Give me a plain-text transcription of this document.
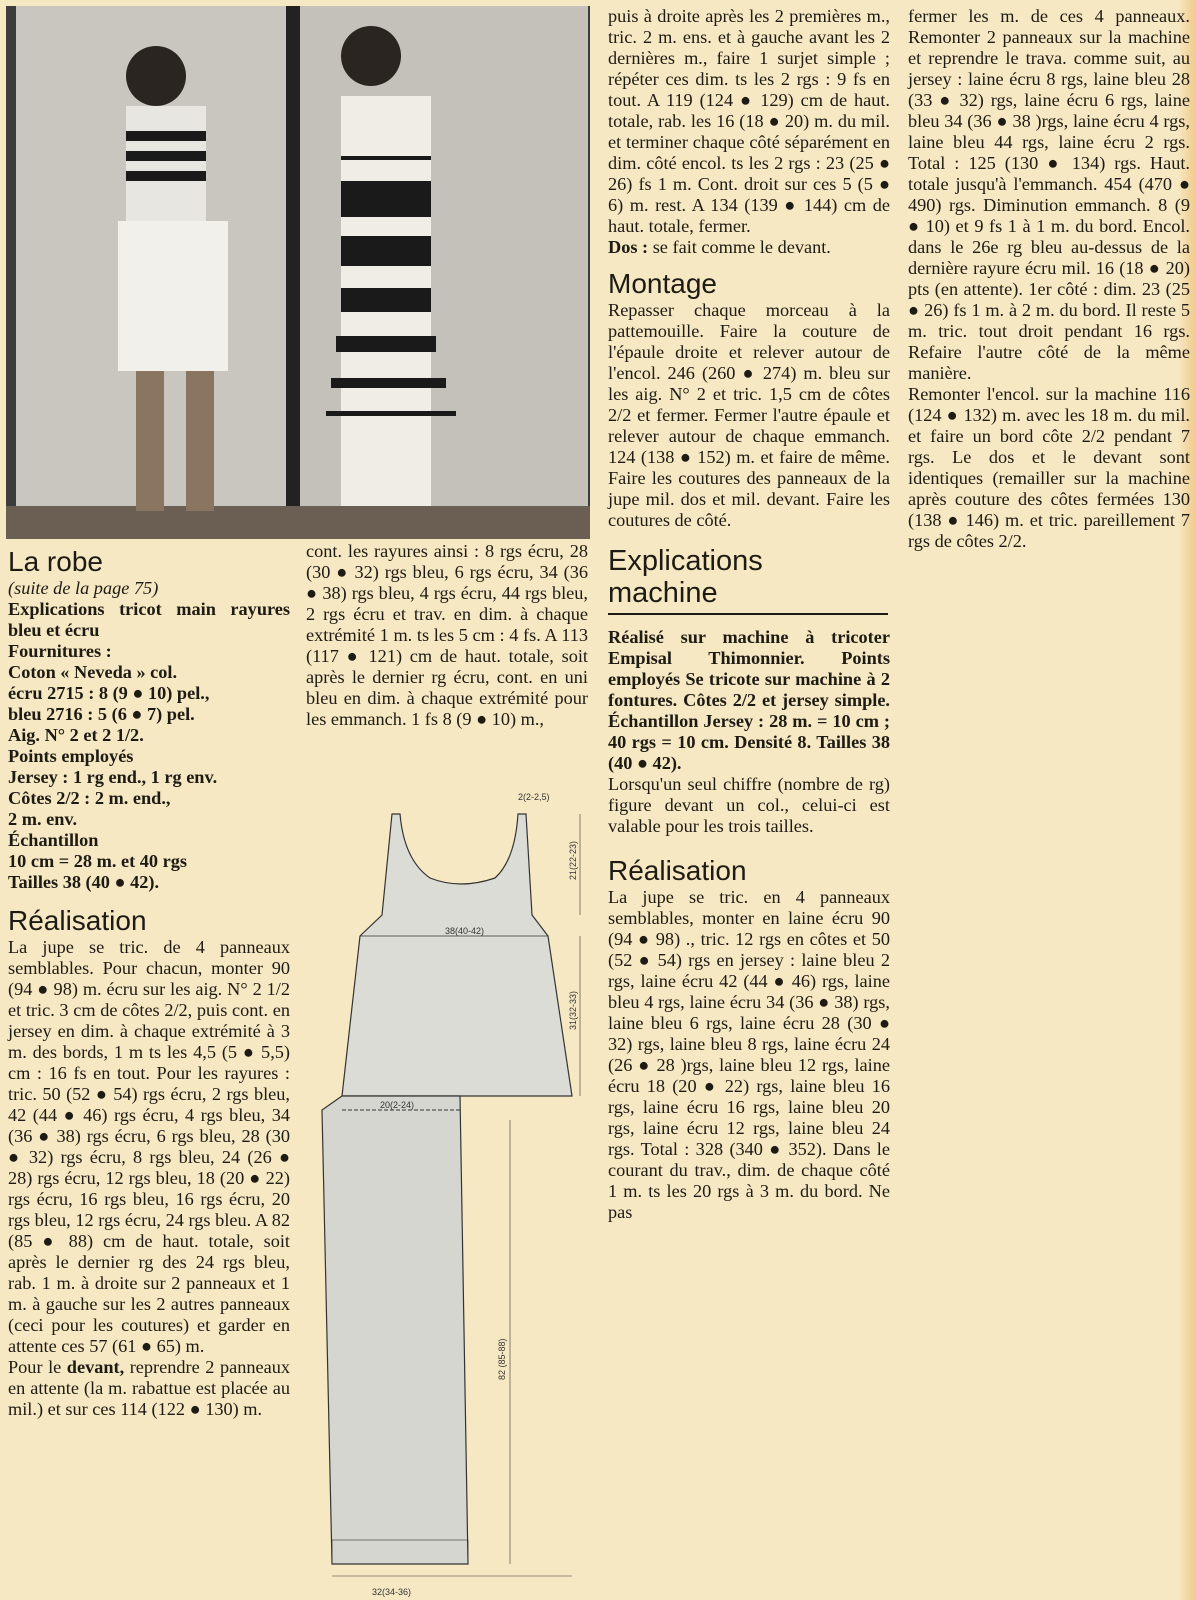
La robe

(suite de la page 75)

Explications tricot main rayures bleu et écru

Fournitures :

Coton « Neveda » col.

écru 2715 : 8 (9 ● 10) pel.,

bleu 2716 : 5 (6 ● 7) pel.

Aig. N° 2 et 2 1/2.

Points employés

Jersey : 1 rg end., 1 rg env.

Côtes 2/2 : 2 m. end.,

2 m. env.

Échantillon

10 cm = 28 m. et 40 rgs

Tailles 38 (40 ● 42).

Réalisation

La jupe se tric. de 4 panneaux semblables. Pour chacun, monter 90 (94 ● 98) m. écru sur les aig. N° 2 1/2 et tric. 3 cm de côtes 2/2, puis cont. en jersey en dim. à chaque extrémité à 3 m. des bords, 1 m ts les 4,5 (5 ● 5,5) cm : 16 fs en tout. Pour les rayures : tric. 50 (52 ● 54) rgs écru, 2 rgs bleu, 42 (44 ● 46) rgs écru, 4 rgs bleu, 34 (36 ● 38) rgs écru, 6 rgs bleu, 28 (30 ● 32) rgs écru, 8 rgs bleu, 24 (26 ● 28) rgs écru, 12 rgs bleu, 18 (20 ● 22) rgs écru, 16 rgs bleu, 16 rgs écru, 20 rgs bleu, 12 rgs écru, 24 rgs bleu. A 82 (85 ● 88) cm de haut. totale, soit après le dernier rg des 24 rgs bleu, rab. 1 m. à droite sur 2 panneaux et 1 m. à gauche sur les 2 autres panneaux (ceci pour les coutures) et garder en attente ces 57 (61 ● 65) m.

Pour le devant, reprendre 2 panneaux en attente (la m. rabattue est placée au mil.) et sur ces 114 (122 ● 130) m.

cont. les rayures ainsi : 8 rgs écru, 28 (30 ● 32) rgs bleu, 6 rgs écru, 34 (36 ● 38) rgs bleu, 4 rgs écru, 44 rgs bleu, 2 rgs écru et trav. en dim. à chaque extrémité 1 m. ts les 5 cm : 4 fs. A 113 (117 ● 121) cm de haut. totale, soit après le dernier rg écru, cont. en uni bleu en dim. à chaque extrémité pour les emmanch. 1 fs 8 (9 ● 10) m.,

2(2-2,5)
21(22-23)
38(40-42)
31(32-33)
20(2-24)
82 (85-88)
32(34-36)

puis à droite après les 2 premières m., tric. 2 m. ens. et à gauche avant les 2 dernières m., faire 1 surjet simple ; répéter ces dim. ts les 2 rgs : 9 fs en tout. A 119 (124 ● 129) cm de haut. totale, rab. les 16 (18 ● 20) m. du mil. et terminer chaque côté séparément en dim. côté encol. ts les 2 rgs : 23 (25 ● 26) fs 1 m. Cont. droit sur ces 5 (5 ● 6) m. rest. A 134 (139 ● 144) cm de haut. totale, fermer.

Dos : se fait comme le devant.

Montage

Repasser chaque morceau à la pattemouille. Faire la couture de l'épaule droite et relever autour de l'encol. 246 (260 ● 274) m. bleu sur les aig. N° 2 et tric. 1,5 cm de côtes 2/2 et fermer. Fermer l'autre épaule et relever autour de chaque emmanch. 124 (138 ● 152) m. et faire de même. Faire les coutures des panneaux de la jupe mil. dos et mil. devant. Faire les coutures de côté.

Explications machine

Réalisé sur machine à tricoter Empisal Thimonnier. Points employés Se tricote sur machine à 2 fontures. Côtes 2/2 et jersey simple. Échantillon Jersey : 28 m. = 10 cm ; 40 rgs = 10 cm. Densité 8. Tailles 38 (40 ● 42).

Lorsqu'un seul chiffre (nombre de rg) figure devant un col., celui-ci est valable pour les trois tailles.

Réalisation

La jupe se tric. en 4 panneaux semblables, monter en laine écru 90 (94 ● 98) ., tric. 12 rgs en côtes et 50 (52 ● 54) rgs en jersey : laine bleu 2 rgs, laine écru 42 (44 ● 46) rgs, laine bleu 4 rgs, laine écru 34 (36 ● 38) rgs, laine bleu 6 rgs, laine écru 28 (30 ● 32) rgs, laine bleu 8 rgs, laine écru 24 (26 ● 28 )rgs, laine bleu 12 rgs, laine écru 18 (20 ● 22) rgs, laine bleu 16 rgs, laine écru 16 rgs, laine bleu 20 rgs, laine écru 12 rgs, laine bleu 24 rgs. Total : 328 (340 ● 352). Dans le courant du trav., dim. de chaque côté 1 m. ts les 20 rgs à 3 m. du bord. Ne pas

fermer les m. de ces 4 panneaux. Remonter 2 panneaux sur la machine et reprendre le trava. comme suit, au jersey : laine écru 8 rgs, laine bleu 28 (33 ● 32) rgs, laine écru 6 rgs, laine bleu 34 (36 ● 38 )rgs, laine écru 4 rgs, laine bleu 44 rgs, laine écru 2 rgs. Total : 125 (130 ● 134) rgs. Haut. totale jusqu'à l'emmanch. 454 (470 ● 490) rgs. Diminution emmanch. 8 (9 ● 10) et 9 fs 1 à 1 m. du bord. Encol. dans le 26e rg bleu au-dessus de la dernière rayure écru mil. 16 (18 ● 20) pts (en attente). 1er côté : dim. 23 (25 ● 26) fs 1 m. à 2 m. du bord. Il reste 5 m. tric. tout droit pendant 16 rgs. Refaire l'autre côté de la même manière.

Remonter l'encol. sur la machine 116 (124 ● 132) m. avec les 18 m. du mil. et faire un bord côte 2/2 pendant 7 rgs. Le dos et le devant sont identiques (remailler sur la machine après couture des côtes fermées 130 (138 ● 146) m. et tric. pareillement 7 rgs de côtes 2/2.
